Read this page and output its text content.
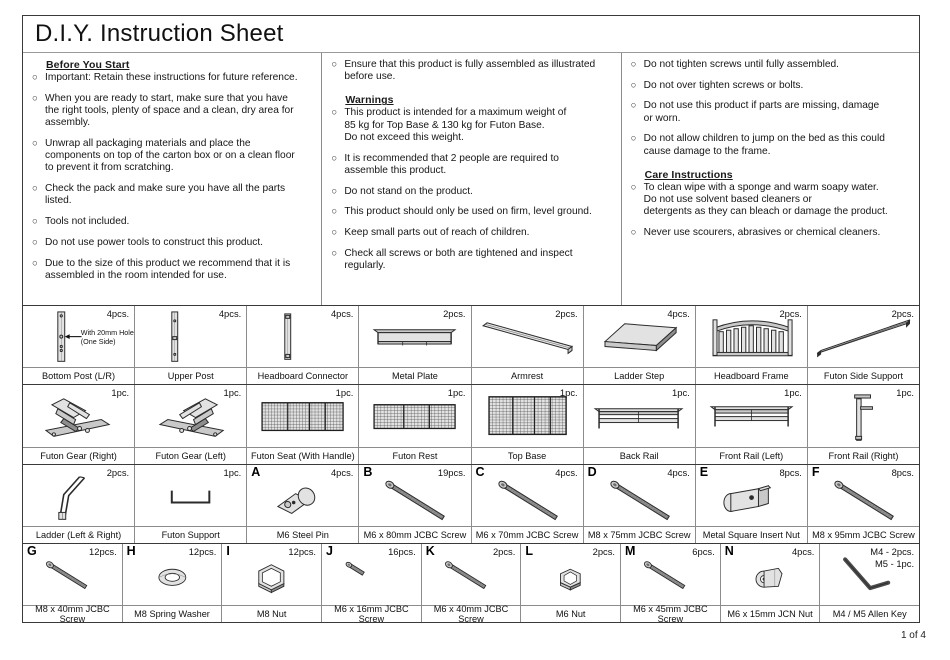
D.I.Y. Instruction Sheet
Before You Start
○ Important: Retain these instructions for future reference.
○ When you are ready to start, make sure that you have
the right tools, plenty of space and a clean, dry area for
assembly.
○ Unwrap all packaging materials and place the
components on top of the carton box or on a clean floor
to prevent it from scratching.
○ Check the pack and make sure you have all the parts
listed.
○ Tools not included.
○ Do not use power tools to construct this product.
○ Due to the size of this product we recommend that it is
assembled in the room intended for use.
○ Ensure that this product is fully assembled as illustrated
before use.
Warnings
○ This product is intended for a maximum weight of
85 kg for Top Base & 130 kg for Futon Base.
Do not exceed this weight.
○ It is recommended that 2 people are required to
assemble this product.
○ Do not stand on the product.
○ This product should only be used on firm, level ground.
○ Keep small parts out of reach of children.
○ Check all screws or both are tightened and inspect
regularly.
○ Do not tighten screws until fully assembled.
○ Do not over tighten screws or bolts.
○ Do not use this product if parts are missing, damage
or worn.
○ Do not allow children to jump on the bed as this could
cause damage to the frame.
Care Instructions
○ To clean wipe with a sponge and warm soapy water.
Do not use solvent based cleaners or
detergents as they can bleach or damage the product.
○ Never use scourers, abrasives or chemical cleaners.
4pcs.
With 20mm Hole
(One Side)
Bottom Post (L/R)
4pcs.
Upper Post
4pcs.
Headboard Connector
2pcs.
Metal Plate
2pcs.
Armrest
4pcs.
Ladder Step
2pcs.
Headboard Frame
2pcs.
Futon Side Support
1pc.
Futon Gear (Right)
1pc.
Futon Gear (Left)
1pc.
Futon Seat (With Handle)
1pc.
Futon Rest
1pc.
Top Base
1pc.
Back Rail
1pc.
Front Rail (Left)
1pc.
Front Rail (Right)
2pcs.
Ladder (Left & Right)
1pc.
Futon Support
A	4pcs.
M6 Steel Pin
B	19pcs.
M6 x 80mm JCBC Screw
C	4pcs.
M6 x 70mm JCBC Screw
D	4pcs.
M8 x 75mm JCBC Screw
E	8pcs.
Metal Square Insert Nut
F	8pcs.
M8 x 95mm JCBC Screw
G	12pcs.
M8 x 40mm JCBC Screw
H	12pcs.
M8 Spring Washer
I	12pcs.
M8 Nut
J	16pcs.
M6 x 16mm JCBC Screw
K	2pcs.
M6 x 40mm JCBC Screw
L	2pcs.
M6 Nut
M	6pcs.
M6 x 45mm JCBC Screw
N	4pcs.
M6 x 15mm JCN Nut
M4 - 2pcs.
M5 - 1pc.
M4 / M5 Allen Key
1 of 4
